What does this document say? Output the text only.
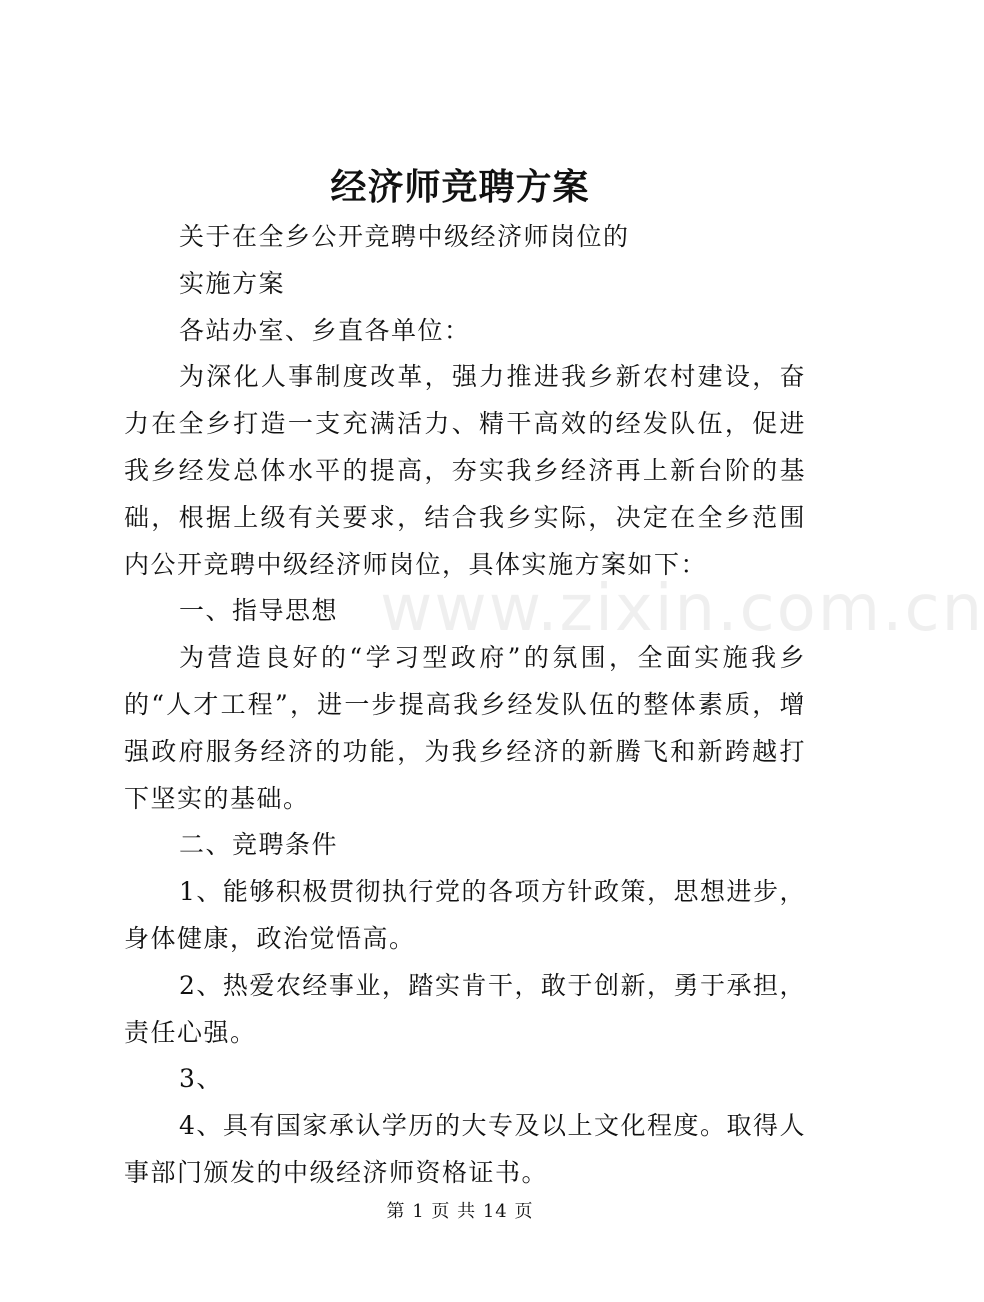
经济师竞聘方案
www.zixin.com.cn

关于在全乡公开竞聘中级经济师岗位的

实施方案

各站办室、乡直各单位：

为深化人事制度改革，强力推进我乡新农村建设，奋力在全乡打造一支充满活力、精干高效的经发队伍，促进我乡经发总体水平的提高，夯实我乡经济再上新台阶的基础，根据上级有关要求，结合我乡实际，决定在全乡范围内公开竞聘中级经济师岗位，具体实施方案如下：

一、指导思想

为营造良好的“学习型政府”的氛围，全面实施我乡的“人才工程”，进一步提高我乡经发队伍的整体素质，增强政府服务经济的功能，为我乡经济的新腾飞和新跨越打下坚实的基础。

二、竞聘条件

1、能够积极贯彻执行党的各项方针政策，思想进步，身体健康，政治觉悟高。

2、热爱农经事业，踏实肯干，敢于创新，勇于承担，责任心强。

3、

4、具有国家承认学历的大专及以上文化程度。取得人事部门颁发的中级经济师资格证书。

第 1 页 共 14 页
